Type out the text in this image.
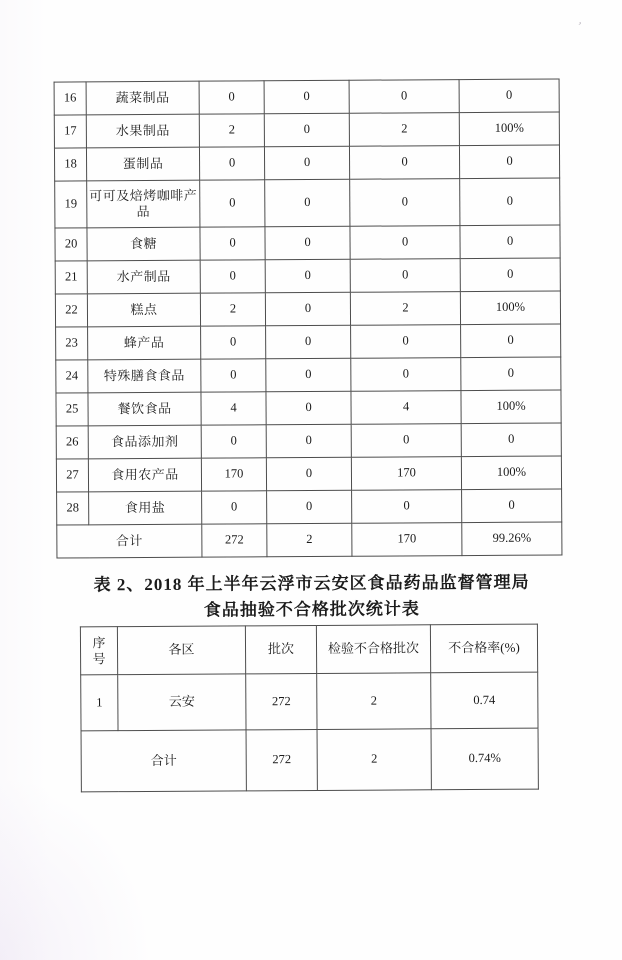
’
16	蔬菜制品	0	0	0	0
17	水果制品	2	0	2	100%
18	蛋制品	0	0	0	0
19	可可及焙烤咖啡产品	0	0	0	0
20	食糖	0	0	0	0
21	水产制品	0	0	0	0
22	糕点	2	0	2	100%
23	蜂产品	0	0	0	0
24	特殊膳食食品	0	0	0	0
25	餐饮食品	4	0	4	100%
26	食品添加剂	0	0	0	0
27	食用农产品	170	0	170	100%
28	食用盐	0	0	0	0
合计		272	2	170	99.26%
表 2、2018 年上半年云浮市云安区食品药品监督管理局
食品抽验不合格批次统计表
序号	各区	批次	检验不合格批次	不合格率(%)
1	云安	272	2	0.74
合计		272	2	0.74%
